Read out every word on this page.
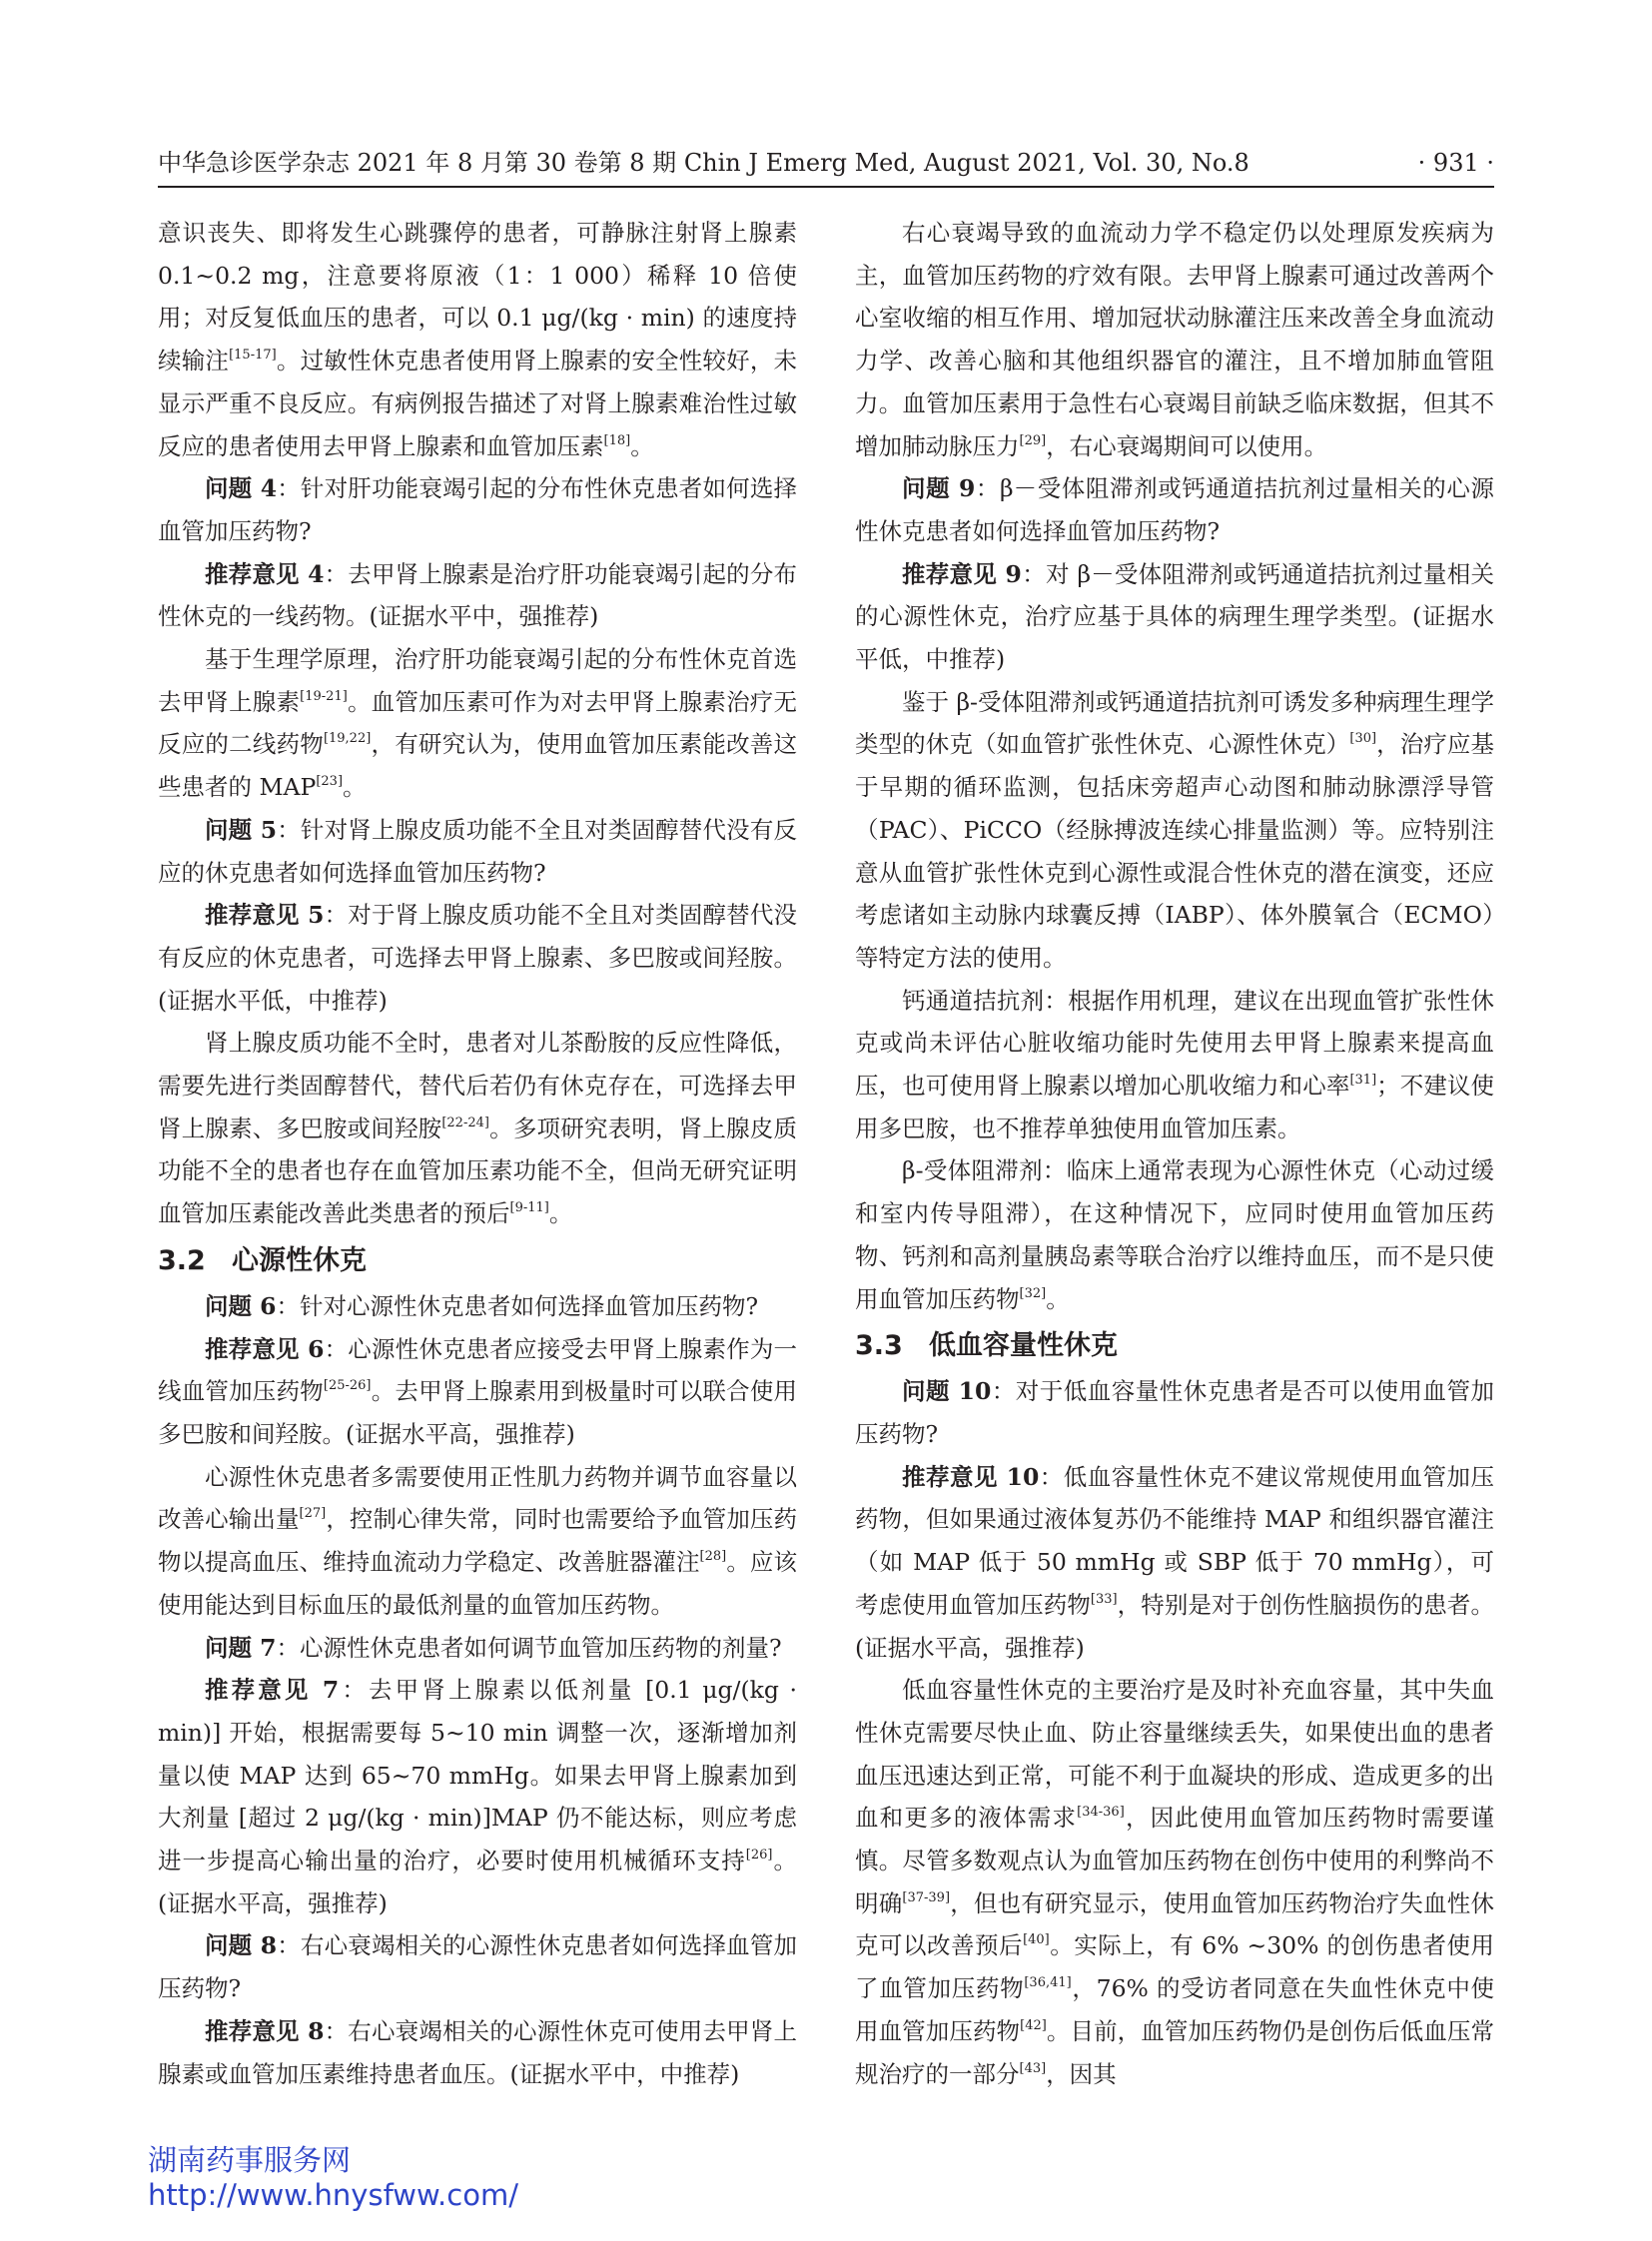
中华急诊医学杂志 2021 年 8 月第 30 卷第 8 期 Chin J Emerg Med, August 2021, Vol. 30, No.8	· 931 ·

意识丧失、即将发生心跳骤停的患者，可静脉注射肾上腺素 0.1~0.2 mg，注意要将原液（1：1 000）稀释 10 倍使用；对反复低血压的患者，可以 0.1 μg/(kg · min) 的速度持续输注[15-17]。过敏性休克患者使用肾上腺素的安全性较好，未显示严重不良反应。有病例报告描述了对肾上腺素难治性过敏反应的患者使用去甲肾上腺素和血管加压素[18]。

问题 4：针对肝功能衰竭引起的分布性休克患者如何选择血管加压药物?

推荐意见 4：去甲肾上腺素是治疗肝功能衰竭引起的分布性休克的一线药物。(证据水平中，强推荐)

基于生理学原理，治疗肝功能衰竭引起的分布性休克首选去甲肾上腺素[19-21]。血管加压素可作为对去甲肾上腺素治疗无反应的二线药物[19,22]，有研究认为，使用血管加压素能改善这些患者的 MAP[23]。

问题 5：针对肾上腺皮质功能不全且对类固醇替代没有反应的休克患者如何选择血管加压药物?

推荐意见 5：对于肾上腺皮质功能不全且对类固醇替代没有反应的休克患者，可选择去甲肾上腺素、多巴胺或间羟胺。(证据水平低，中推荐)

肾上腺皮质功能不全时，患者对儿茶酚胺的反应性降低，需要先进行类固醇替代，替代后若仍有休克存在，可选择去甲肾上腺素、多巴胺或间羟胺[22-24]。多项研究表明，肾上腺皮质功能不全的患者也存在血管加压素功能不全，但尚无研究证明血管加压素能改善此类患者的预后[9-11]。

3.2 心源性休克

问题 6：针对心源性休克患者如何选择血管加压药物?

推荐意见 6：心源性休克患者应接受去甲肾上腺素作为一线血管加压药物[25-26]。去甲肾上腺素用到极量时可以联合使用多巴胺和间羟胺。(证据水平高，强推荐)

心源性休克患者多需要使用正性肌力药物并调节血容量以改善心输出量[27]，控制心律失常，同时也需要给予血管加压药物以提高血压、维持血流动力学稳定、改善脏器灌注[28]。应该使用能达到目标血压的最低剂量的血管加压药物。

问题 7：心源性休克患者如何调节血管加压药物的剂量?

推荐意见 7：去甲肾上腺素以低剂量 [0.1 μg/(kg · min)] 开始，根据需要每 5~10 min 调整一次，逐渐增加剂量以使 MAP 达到 65~70 mmHg。如果去甲肾上腺素加到大剂量 [超过 2 μg/(kg · min)]MAP 仍不能达标，则应考虑进一步提高心输出量的治疗，必要时使用机械循环支持[26]。(证据水平高，强推荐)

问题 8：右心衰竭相关的心源性休克患者如何选择血管加压药物?

推荐意见 8：右心衰竭相关的心源性休克可使用去甲肾上腺素或血管加压素维持患者血压。(证据水平中，中推荐)

右心衰竭导致的血流动力学不稳定仍以处理原发疾病为主，血管加压药物的疗效有限。去甲肾上腺素可通过改善两个心室收缩的相互作用、增加冠状动脉灌注压来改善全身血流动力学、改善心脑和其他组织器官的灌注，且不增加肺血管阻力。血管加压素用于急性右心衰竭目前缺乏临床数据，但其不增加肺动脉压力[29]，右心衰竭期间可以使用。

问题 9：β－受体阻滞剂或钙通道拮抗剂过量相关的心源性休克患者如何选择血管加压药物?

推荐意见 9：对 β－受体阻滞剂或钙通道拮抗剂过量相关的心源性休克，治疗应基于具体的病理生理学类型。(证据水平低，中推荐)

鉴于 β-受体阻滞剂或钙通道拮抗剂可诱发多种病理生理学类型的休克（如血管扩张性休克、心源性休克）[30]，治疗应基于早期的循环监测，包括床旁超声心动图和肺动脉漂浮导管（PAC）、PiCCO（经脉搏波连续心排量监测）等。应特别注意从血管扩张性休克到心源性或混合性休克的潜在演变，还应考虑诸如主动脉内球囊反搏（IABP）、体外膜氧合（ECMO）等特定方法的使用。

钙通道拮抗剂：根据作用机理，建议在出现血管扩张性休克或尚未评估心脏收缩功能时先使用去甲肾上腺素来提高血压，也可使用肾上腺素以增加心肌收缩力和心率[31]；不建议使用多巴胺，也不推荐单独使用血管加压素。

β-受体阻滞剂：临床上通常表现为心源性休克（心动过缓和室内传导阻滞），在这种情况下，应同时使用血管加压药物、钙剂和高剂量胰岛素等联合治疗以维持血压，而不是只使用血管加压药物[32]。

3.3 低血容量性休克

问题 10：对于低血容量性休克患者是否可以使用血管加压药物?

推荐意见 10：低血容量性休克不建议常规使用血管加压药物，但如果通过液体复苏仍不能维持 MAP 和组织器官灌注（如 MAP 低于 50 mmHg 或 SBP 低于 70 mmHg），可考虑使用血管加压药物[33]，特别是对于创伤性脑损伤的患者。(证据水平高，强推荐)

低血容量性休克的主要治疗是及时补充血容量，其中失血性休克需要尽快止血、防止容量继续丢失，如果使出血的患者血压迅速达到正常，可能不利于血凝块的形成、造成更多的出血和更多的液体需求[34-36]，因此使用血管加压药物时需要谨慎。尽管多数观点认为血管加压药物在创伤中使用的利弊尚不明确[37-39]，但也有研究显示，使用血管加压药物治疗失血性休克可以改善预后[40]。实际上，有 6% ~30% 的创伤患者使用了血管加压药物[36,41]，76% 的受访者同意在失血性休克中使用血管加压药物[42]。目前，血管加压药物仍是创伤后低血压常规治疗的一部分[43]，因其

湖南药事服务网
http://www.hnysfww.com/
